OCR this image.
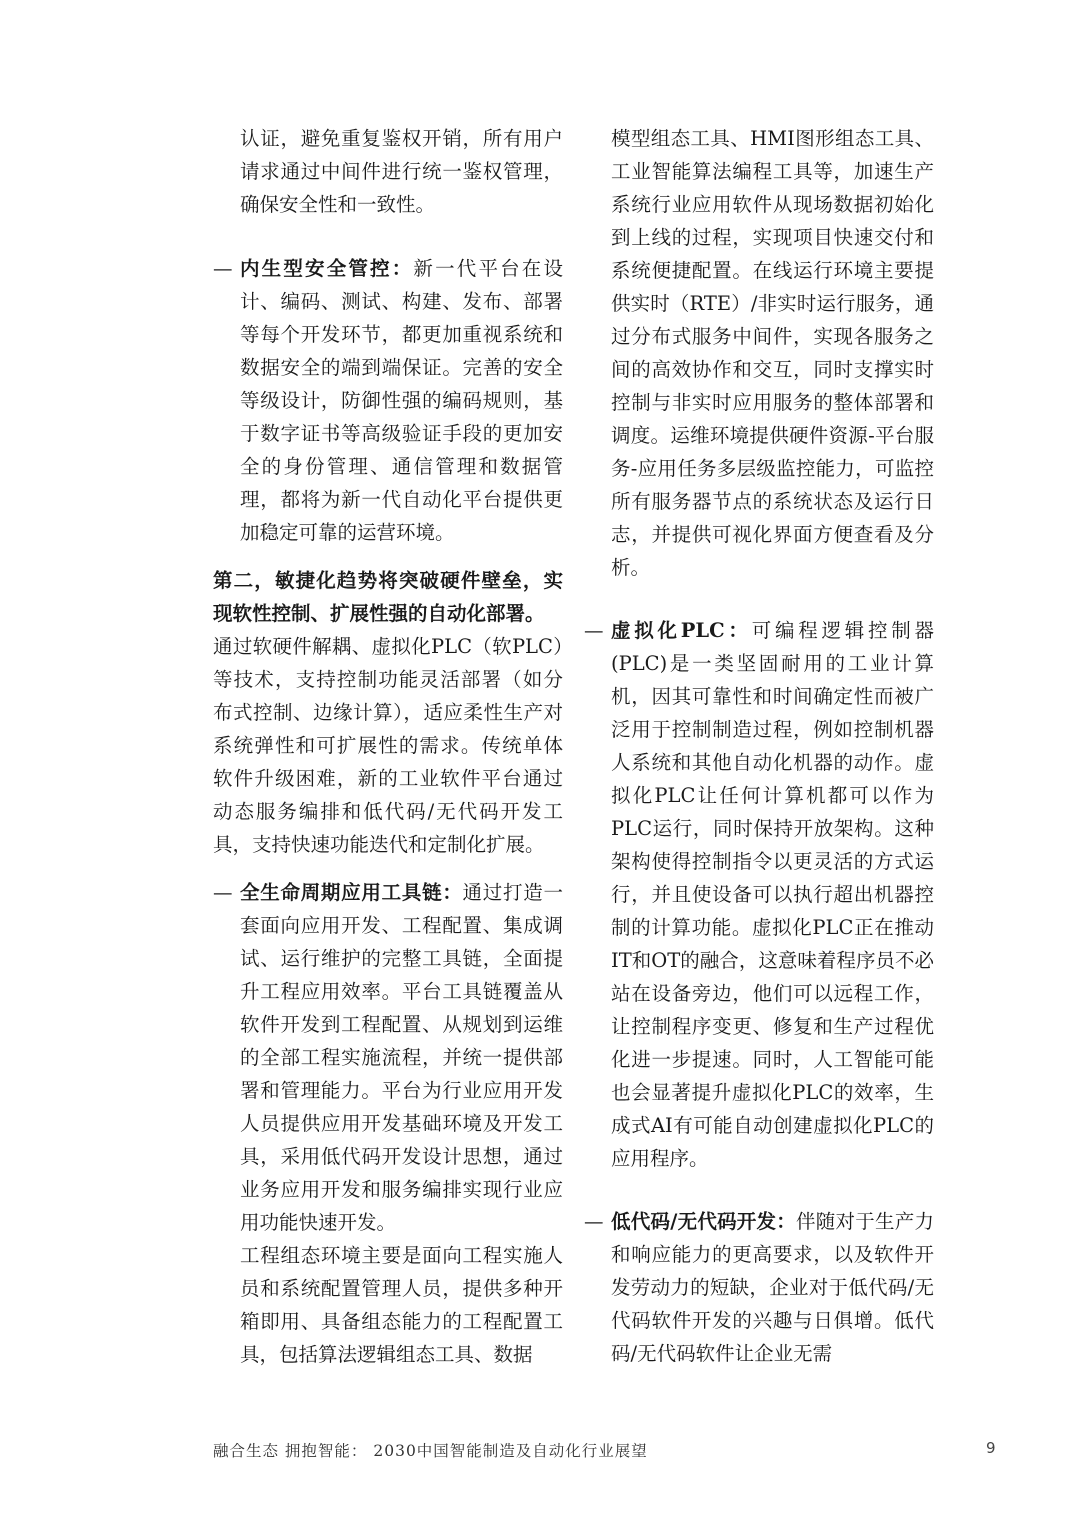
认证，避免重复鉴权开销，所有用户请求通过中间件进行统一鉴权管理，确保安全性和一致性。

— 内生型安全管控：新一代平台在设计、编码、测试、构建、发布、部署等每个开发环节，都更加重视系统和数据安全的端到端保证。完善的安全等级设计，防御性强的编码规则，基于数字证书等高级验证手段的更加安全的身份管理、通信管理和数据管理，都将为新一代自动化平台提供更加稳定可靠的运营环境。

第二，敏捷化趋势将突破硬件壁垒，实现软性控制、扩展性强的自动化部署。

通过软硬件解耦、虚拟化PLC（软PLC）等技术，支持控制功能灵活部署（如分布式控制、边缘计算），适应柔性生产对系统弹性和可扩展性的需求。传统单体软件升级困难，新的工业软件平台通过动态服务编排和低代码/无代码开发工具，支持快速功能迭代和定制化扩展。

— 全生命周期应用工具链：通过打造一套面向应用开发、工程配置、集成调试、运行维护的完整工具链，全面提升工程应用效率。平台工具链覆盖从软件开发到工程配置、从规划到运维的全部工程实施流程，并统一提供部署和管理能力。平台为行业应用开发人员提供应用开发基础环境及开发工具，采用低代码开发设计思想，通过业务应用开发和服务编排实现行业应用功能快速开发。

工程组态环境主要是面向工程实施人员和系统配置管理人员，提供多种开箱即用、具备组态能力的工程配置工具，包括算法逻辑组态工具、数据

模型组态工具、HMI图形组态工具、工业智能算法编程工具等，加速生产系统行业应用软件从现场数据初始化到上线的过程，实现项目快速交付和系统便捷配置。在线运行环境主要提供实时（RTE）/非实时运行服务，通过分布式服务中间件，实现各服务之间的高效协作和交互，同时支撑实时控制与非实时应用服务的整体部署和调度。运维环境提供硬件资源-平台服务-应用任务多层级监控能力，可监控所有服务器节点的系统状态及运行日志，并提供可视化界面方便查看及分析。

— 虚拟化PLC：可编程逻辑控制器(PLC)是一类坚固耐用的工业计算机，因其可靠性和时间确定性而被广泛用于控制制造过程，例如控制机器人系统和其他自动化机器的动作。虚拟化PLC让任何计算机都可以作为PLC运行，同时保持开放架构。这种架构使得控制指令以更灵活的方式运行，并且使设备可以执行超出机器控制的计算功能。虚拟化PLC正在推动IT和OT的融合，这意味着程序员不必站在设备旁边，他们可以远程工作，让控制程序变更、修复和生产过程优化进一步提速。同时，人工智能可能也会显著提升虚拟化PLC的效率，生成式AI有可能自动创建虚拟化PLC的应用程序。
— 低代码/无代码开发：伴随对于生产力和响应能力的更高要求，以及软件开发劳动力的短缺，企业对于低代码/无代码软件开发的兴趣与日俱增。低代码/无代码软件让企业无需
融合生态 拥抱智能： 2030中国智能制造及自动化行业展望	9
